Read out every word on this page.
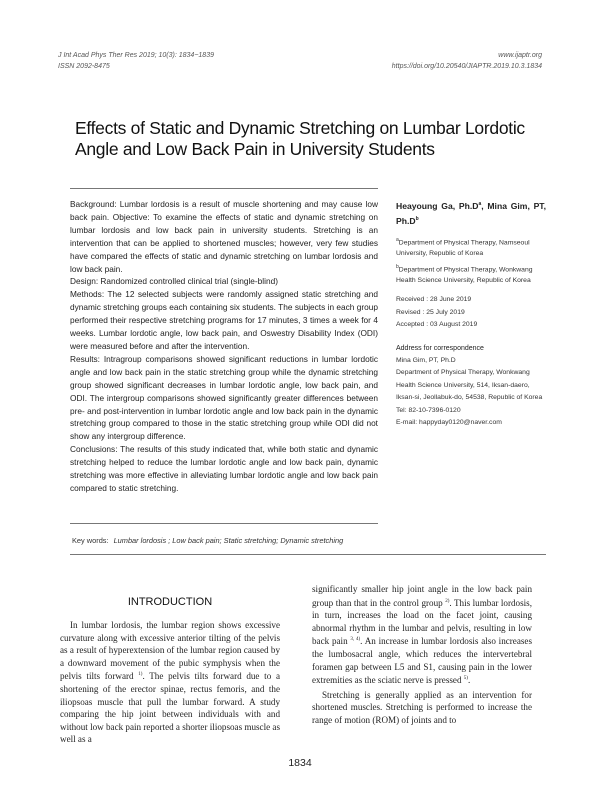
J Int Acad Phys Ther Res 2019; 10(3): 1834~1839
ISSN 2092-8475
www.ijaptr.org
https://doi.org/10.20540/JIAPTR.2019.10.3.1834
Effects of Static and Dynamic Stretching on Lumbar Lordotic Angle and Low Back Pain in University Students

Background: Lumbar lordosis is a result of muscle shortening and may cause low back pain. Objective: To examine the effects of static and dynamic stretching on lumbar lordosis and low back pain in university students. Stretching is an intervention that can be applied to shortened muscles; however, very few studies have compared the effects of static and dynamic stretching on lumbar lordosis and low back pain.

Design: Randomized controlled clinical trial (single-blind)

Methods: The 12 selected subjects were randomly assigned static stretching and dynamic stretching groups each containing six students. The subjects in each group performed their respective stretching programs for 17 minutes, 3 times a week for 4 weeks. Lumbar lordotic angle, low back pain, and Oswestry Disability Index (ODI) were measured before and after the intervention.

Results: Intragroup comparisons showed significant reductions in lumbar lordotic angle and low back pain in the static stretching group while the dynamic stretching group showed significant decreases in lumbar lordotic angle, low back pain, and ODI. The intergroup comparisons showed significantly greater differences between pre- and post-intervention in lumbar lordotic angle and low back pain in the dynamic stretching group compared to those in the static stretching group while ODI did not show any intergroup difference.

Conclusions: The results of this study indicated that, while both static and dynamic stretching helped to reduce the lumbar lordotic angle and low back pain, dynamic stretching was more effective in alleviating lumbar lordotic angle and low back pain compared to static stretching.

Key words: Lumbar lordosis ; Low back pain; Static stretching; Dynamic stretching
Heayoung Ga, $Ph.D^a$, Mina Gim, PT, $Ph.D^b$

$^a$Department of Physical Therapy, Namseoul University, Republic of Korea

$^b$Department of Physical Therapy, Wonkwang Health Science University, Republic of Korea

Received : 28 June 2019

Revised : 25 July 2019

Accepted : 03 August 2019

Address for correspondence

Mina Gim, PT, Ph.D

Department of Physical Therapy, Wonkwang Health Science University, 514, Iksan-daero, Iksan-si, Jeollabuk-do, 54538, Republic of Korea

Tel: 82-10-7396-0120

E-mail: happyday0120@naver.com

INTRODUCTION

In lumbar lordosis, the lumbar region shows excessive curvature along with excessive anterior tilting of the pelvis as a result of hyperextension of the lumbar region caused by a downward movement of the pubic symphysis when the pelvis tilts forward $^{1)}$. The pelvis tilts forward due to a shortening of the erector spinae, rectus femoris, and the iliopsoas muscle that pull the lumbar forward. A study comparing the hip joint between individuals with and without low back pain reported a shorter iliopsoas muscle as well as a

significantly smaller hip joint angle in the low back pain group than that in the control group $^{2)}$. This lumbar lordosis, in turn, increases the load on the facet joint, causing abnormal rhythm in the lumbar and pelvis, resulting in low back pain $^{3, 4)}$. An increase in lumbar lordosis also increases the lumbosacral angle, which reduces the intervertebral foramen gap between L5 and S1, causing pain in the lower extremities as the sciatic nerve is pressed $^{5)}$.

Stretching is generally applied as an intervention for shortened muscles. Stretching is performed to increase the range of motion (ROM) of joints and to

1834
